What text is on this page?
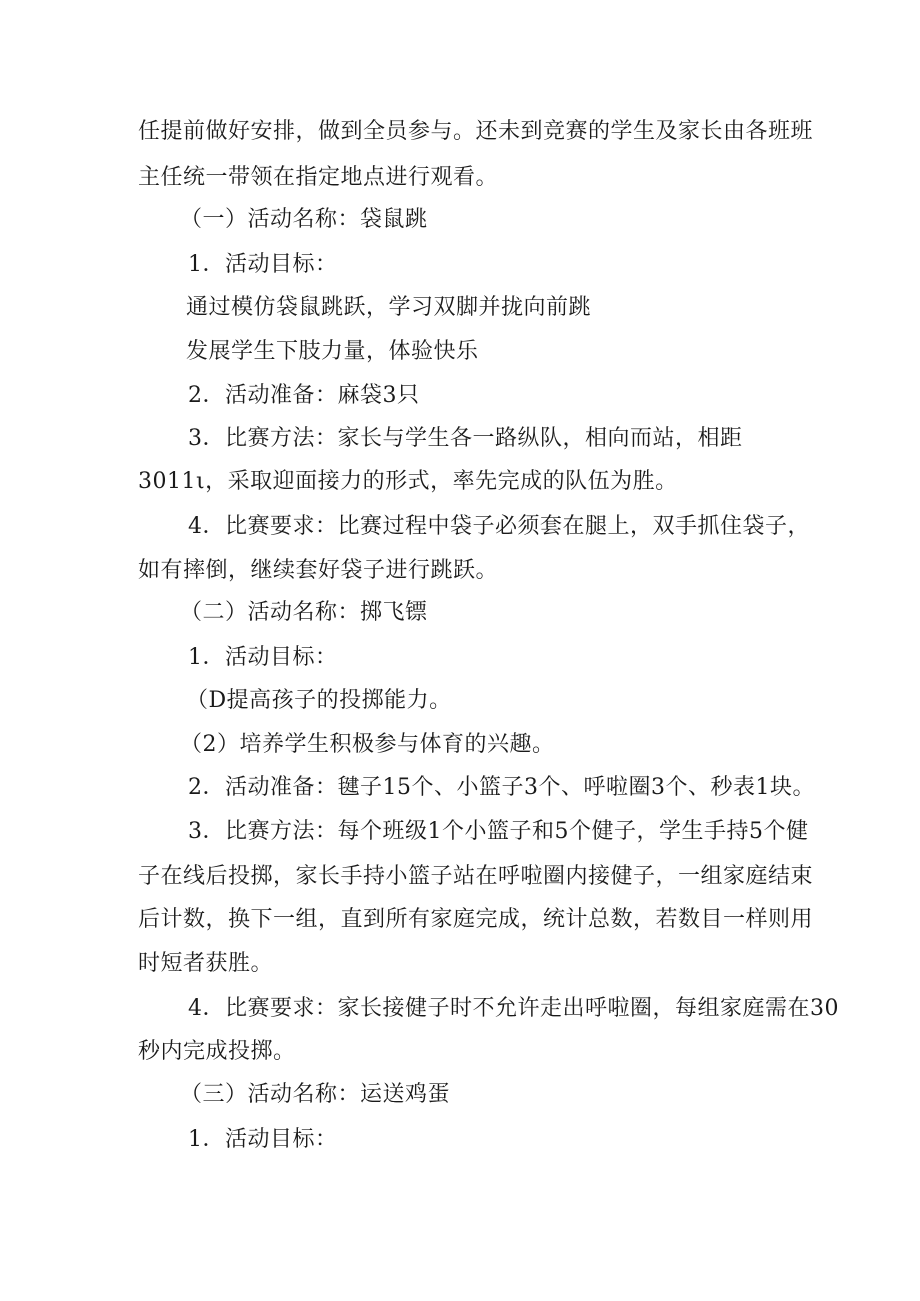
任提前做好安排，做到全员参与。还未到竞赛的学生及家长由各班班
主任统一带领在指定地点进行观看。
（一）活动名称：袋鼠跳
1．活动目标：
通过模仿袋鼠跳跃，学习双脚并拢向前跳
发展学生下肢力量，体验快乐
2．活动准备：麻袋3只
3．比赛方法：家长与学生各一路纵队，相向而站，相距
3011ι，采取迎面接力的形式，率先完成的队伍为胜。
4．比赛要求：比赛过程中袋子必须套在腿上，双手抓住袋子，
如有摔倒，继续套好袋子进行跳跃。
（二）活动名称：掷飞镖
1．活动目标：
（D提高孩子的投掷能力。
（2）培养学生积极参与体育的兴趣。
2．活动准备：毽子15个、小篮子3个、呼啦圈3个、秒表1块。
3．比赛方法：每个班级1个小篮子和5个健子，学生手持5个健
子在线后投掷，家长手持小篮子站在呼啦圈内接健子，一组家庭结束
后计数，换下一组，直到所有家庭完成，统计总数，若数目一样则用
时短者获胜。
4．比赛要求：家长接健子时不允许走出呼啦圈，每组家庭需在30
秒内完成投掷。
（三）活动名称：运送鸡蛋
1．活动目标：
